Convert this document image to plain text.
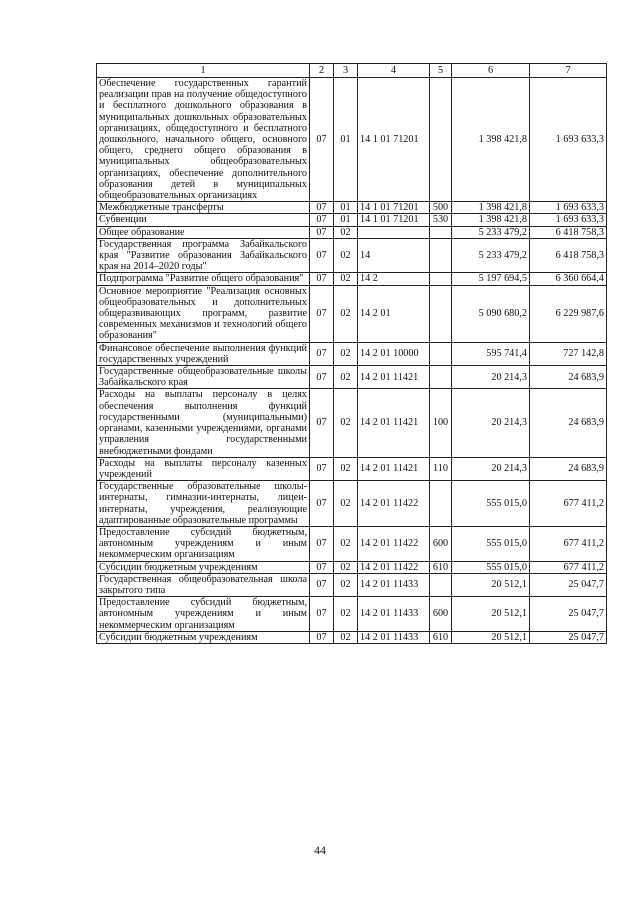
1	2	3	4	5	6	7
Обеспечение государственных гарантий реализации прав на получение общедоступного и бесплатного дошкольного образования в муниципальных дошкольных образовательных организациях, общедоступного и бесплатного дошкольного, начального общего, основного общего, среднего общего образования в муниципальных общеобразовательных организациях, обеспечение дополнительного образования детей в муниципальных общеобразовательных организациях	07	01	14 1 01 71201		1 398 421,8	1 693 633,3
Межбюджетные трансферты	07	01	14 1 01 71201	500	1 398 421,8	1 693 633,3
Субвенции	07	01	14 1 01 71201	530	1 398 421,8	1 693 633,3
Общее образование	07	02			5 233 479,2	6 418 758,3
Государственная программа Забайкальского края "Развитие образования Забайкальского края на 2014–2020 годы"	07	02	14		5 233 479,2	6 418 758,3
Подпрограмма "Развитие общего образования"	07	02	14 2		5 197 694,5	6 360 664,4
Основное мероприятие "Реализация основных общеобразовательных и дополнительных общеразвивающих программ, развитие современных механизмов и технологий общего образования"	07	02	14 2 01		5 090 680,2	6 229 987,6
Финансовое обеспечение выполнения функций государственных учреждений	07	02	14 2 01 10000		595 741,4	727 142,8
Государственные общеобразовательные школы Забайкальского края	07	02	14 2 01 11421		20 214,3	24 683,9
Расходы на выплаты персоналу в целях обеспечения выполнения функций государственными (муниципальными) органами, казенными учреждениями, органами управления государственными внебюджетными фондами	07	02	14 2 01 11421	100	20 214,3	24 683,9
Расходы на выплаты персоналу казенных учреждений	07	02	14 2 01 11421	110	20 214,3	24 683,9
Государственные образовательные школы-интернаты, гимназии-интернаты, лицеи-интернаты, учреждения, реализующие адаптированные образовательные программы	07	02	14 2 01 11422		555 015,0	677 411,2
Предоставление субсидий бюджетным, автономным учреждениям и иным некоммерческим организациям	07	02	14 2 01 11422	600	555 015,0	677 411,2
Субсидии бюджетным учреждениям	07	02	14 2 01 11422	610	555 015,0	677 411,2
Государственная общеобразовательная школа закрытого типа	07	02	14 2 01 11433		20 512,1	25 047,7
Предоставление субсидий бюджетным, автономным учреждениям и иным некоммерческим организациям	07	02	14 2 01 11433	600	20 512,1	25 047,7
Субсидии бюджетным учреждениям	07	02	14 2 01 11433	610	20 512,1	25 047,7
44
